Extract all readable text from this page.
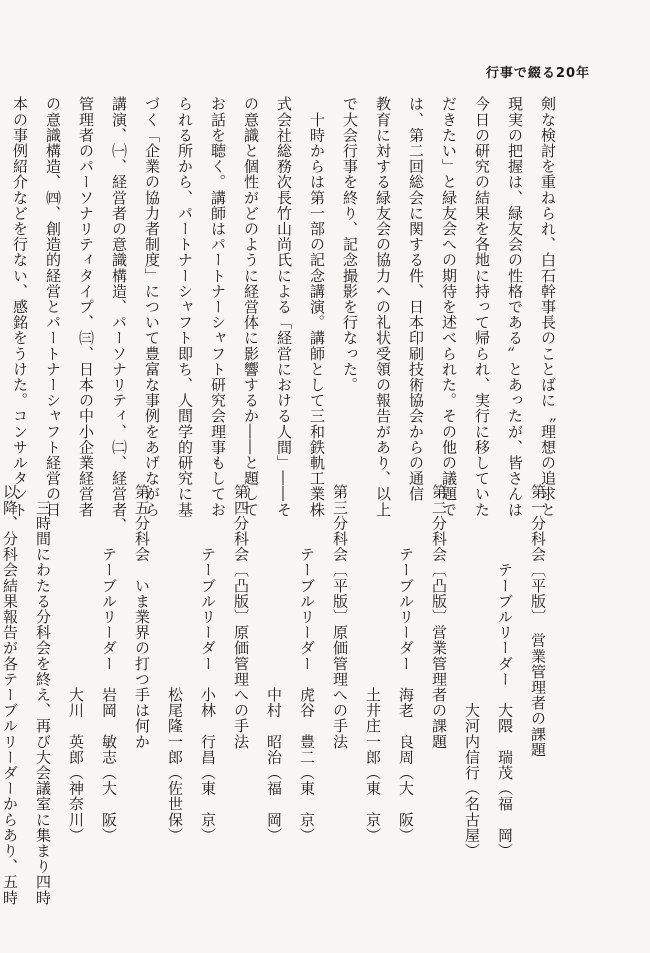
行事で綴る20年

剣な検討を重ねられ、白石幹事長のことばに〝理想の追求と

現実の把握は、緑友会の性格である〟とあったが、皆さんは

今日の研究の結果を各地に持って帰られ、実行に移していた

だきたい」と緑友会への期待を述べられた。その他の議題で

は、第二回総会に関する件、日本印刷技術協会からの通信

教育に対する緑友会の協力への礼状受領の報告があり、以上

で大会行事を終り、記念撮影を行なった。

　十時からは第一部の記念講演。講師として三和鉄軌工業株

式会社総務次長竹山尚氏による「経営における人間」――そ

の意識と個性がどのように経営体に影響するか――と題して

お話を聴く。講師はパートナーシャフト研究会理事もしてお

られる所から、パートナーシャフト即ち、人間学的研究に基

づく「企業の協力者制度」について豊富な事例をあげながら

講演、㈠、経営者の意識構造、パーソナリティ、㈡、経営者、

管理者のパーソナリティタイプ、㈢、日本の中小企業経営者

の意識構造、㈣、創造的経営とパートナーシャフト経営の日

本の事例紹介などを行ない、感銘をうけた。コンサルタント

第一分科会〔平版〕　営業管理者の課題

　　　　　テーブルリーダー　大隈　瑞茂（福　岡）

　　　　　　　　　　　　　　大河内信行（名古屋）

第二分科会〔凸版〕営業管理者の課題

　　　　テーブルリーダー　海老　良周（大　阪）

　　　　　　　　　　　　　土井庄一郎（東　京）

第三分科会〔平版〕原価管理への手法

　　　　テーブルリーダー　虎谷　豊二（東　京）

　　　　　　　　　　　　　中村　昭治（福　岡）

第四分科会〔凸版〕原価管理への手法

　　　　テーブルリーダー　小林　行昌（東　京）

　　　　　　　　　　　　　松尾隆一郎（佐世保）

第五分科会　いま業界の打つ手は何か

　　　　テーブルリーダー　岩岡　敏志（大　阪）

　　　　　　　　　　　　　大川　英郎（神奈川）

　三時間にわたる分科会を終え、再び大会議室に集まり四時

以降、分科会結果報告が各テーブルリーダーからあり、五時
